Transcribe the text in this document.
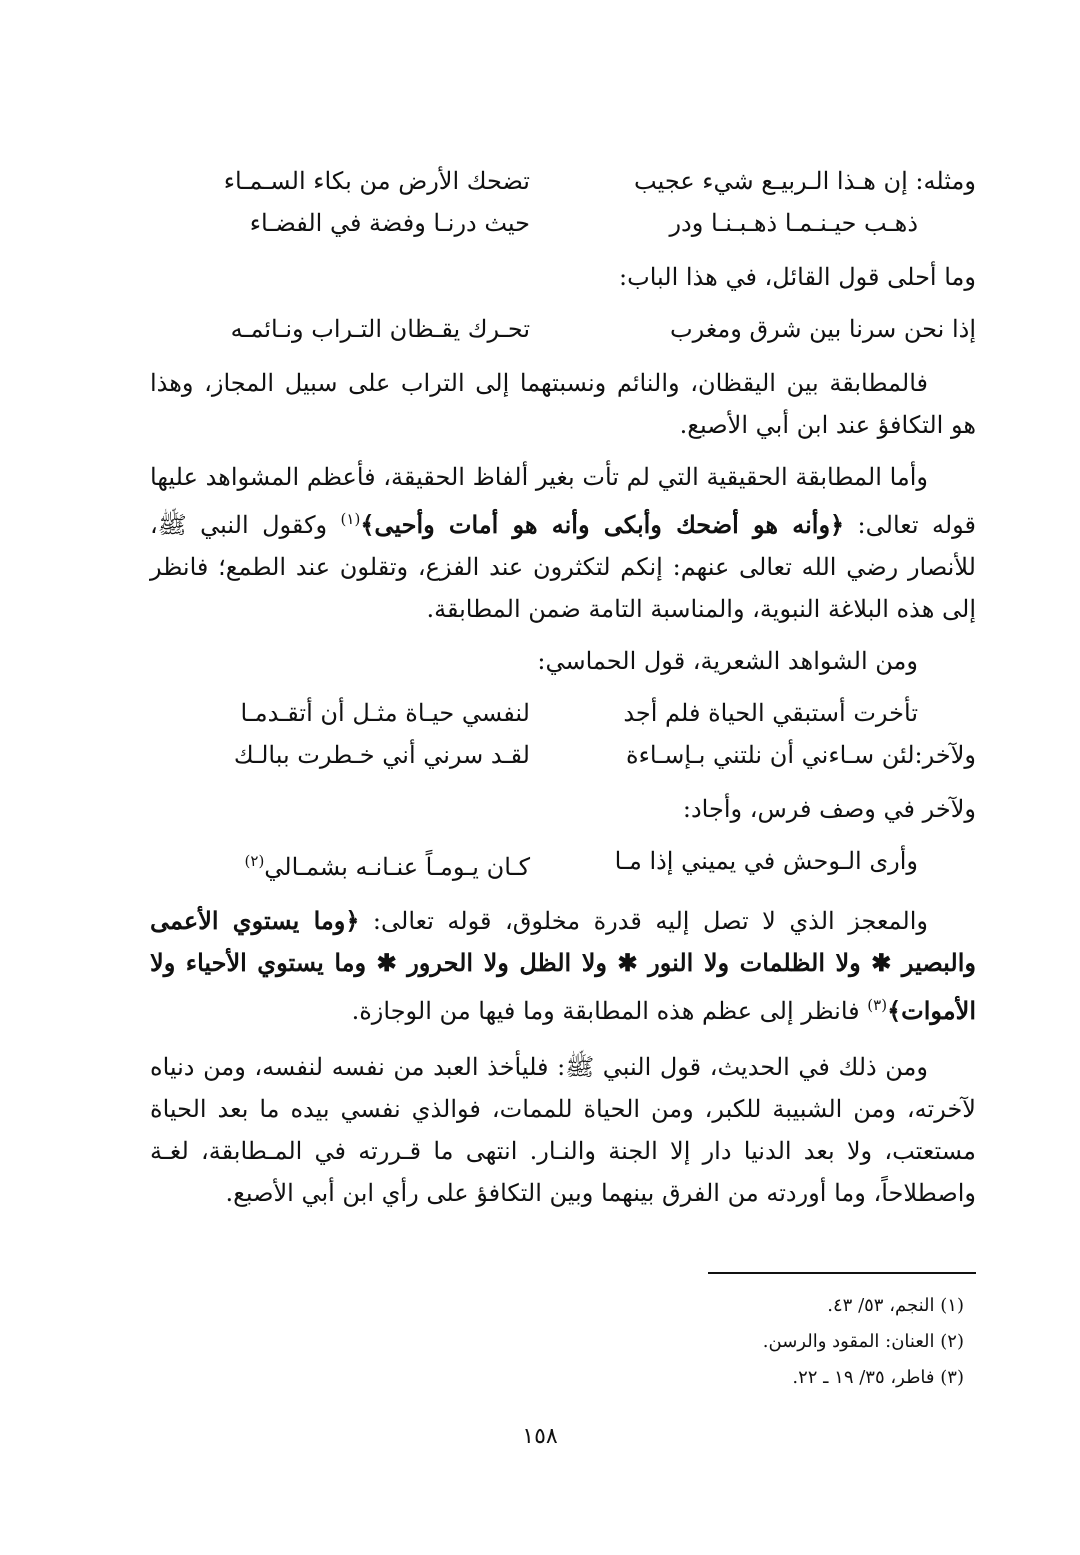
ومثله: إن هـذا الـربيـع شيء عجيب
تضحك الأرض من بكاء السـمـاء
ذهـب حيـنـمـا ذهـبـنـا ودر
حيث درنـا وفضة في الفضـاء

وما أحلى قول القائل، في هذا الباب:

إذا نحن سرنا بين شرق ومغرب
تحـرك يقـظان التـراب ونـائمـه

فالمطابقة بين اليقظان، والنائم ونسبتهما إلى التراب على سبيل المجاز، وهذا هو التكافؤ عند ابن أبي الأصبع.

وأما المطابقة الحقيقية التي لم تأت بغير ألفاظ الحقيقة، فأعظم المشواهد عليها قوله تعالى: ﴿وأنه هو أضحك وأبكى وأنه هو أمات وأحيى﴾$^{(١)}$ وكقول النبي ﷺ، للأنصار رضي الله تعالى عنهم: إنكم لتكثرون عند الفزع، وتقلون عند الطمع؛ فانظر إلى هذه البلاغة النبوية، والمناسبة التامة ضمن المطابقة.

ومن الشواهد الشعرية، قول الحماسي:

تأخرت أستبقي الحياة فلم أجد
لنفسي حيـاة مثـل أن أتقـدمـا
ولآخر:لئن سـاءني أن نلتني بـإسـاءة
لقـد سرني أني خـطرت ببالـك

ولآخر في وصف فرس، وأجاد:

وأرى الـوحش في يميني إذا مـا
كـان يـومـاً عنـانـه بشمـالي$^{(٢)}$

والمعجز الذي لا تصل إليه قدرة مخلوق، قوله تعالى: ﴿وما يستوي الأعمى والبصير ✱ ولا الظلمات ولا النور ✱ ولا الظل ولا الحرور ✱ وما يستوي الأحياء ولا الأموات﴾$^{(٣)}$ فانظر إلى عظم هذه المطابقة وما فيها من الوجازة.

ومن ذلك في الحديث، قول النبي ﷺ: فليأخذ العبد من نفسه لنفسه، ومن دنياه لآخرته، ومن الشبيبة للكبر، ومن الحياة للممات، فوالذي نفسي بيده ما بعد الحياة مستعتب، ولا بعد الدنيا دار إلا الجنة والنـار. انتهى ما قـررته في المـطابقة، لغـة واصطلاحاً، وما أوردته من الفرق بينهما وبين التكافؤ على رأي ابن أبي الأصبع.

(١) النجم، ٥٣/ ٤٣.

(٢) العنان: المقود والرسن.

(٣) فاطر، ٣٥/ ١٩ ـ ٢٢.

١٥٨
